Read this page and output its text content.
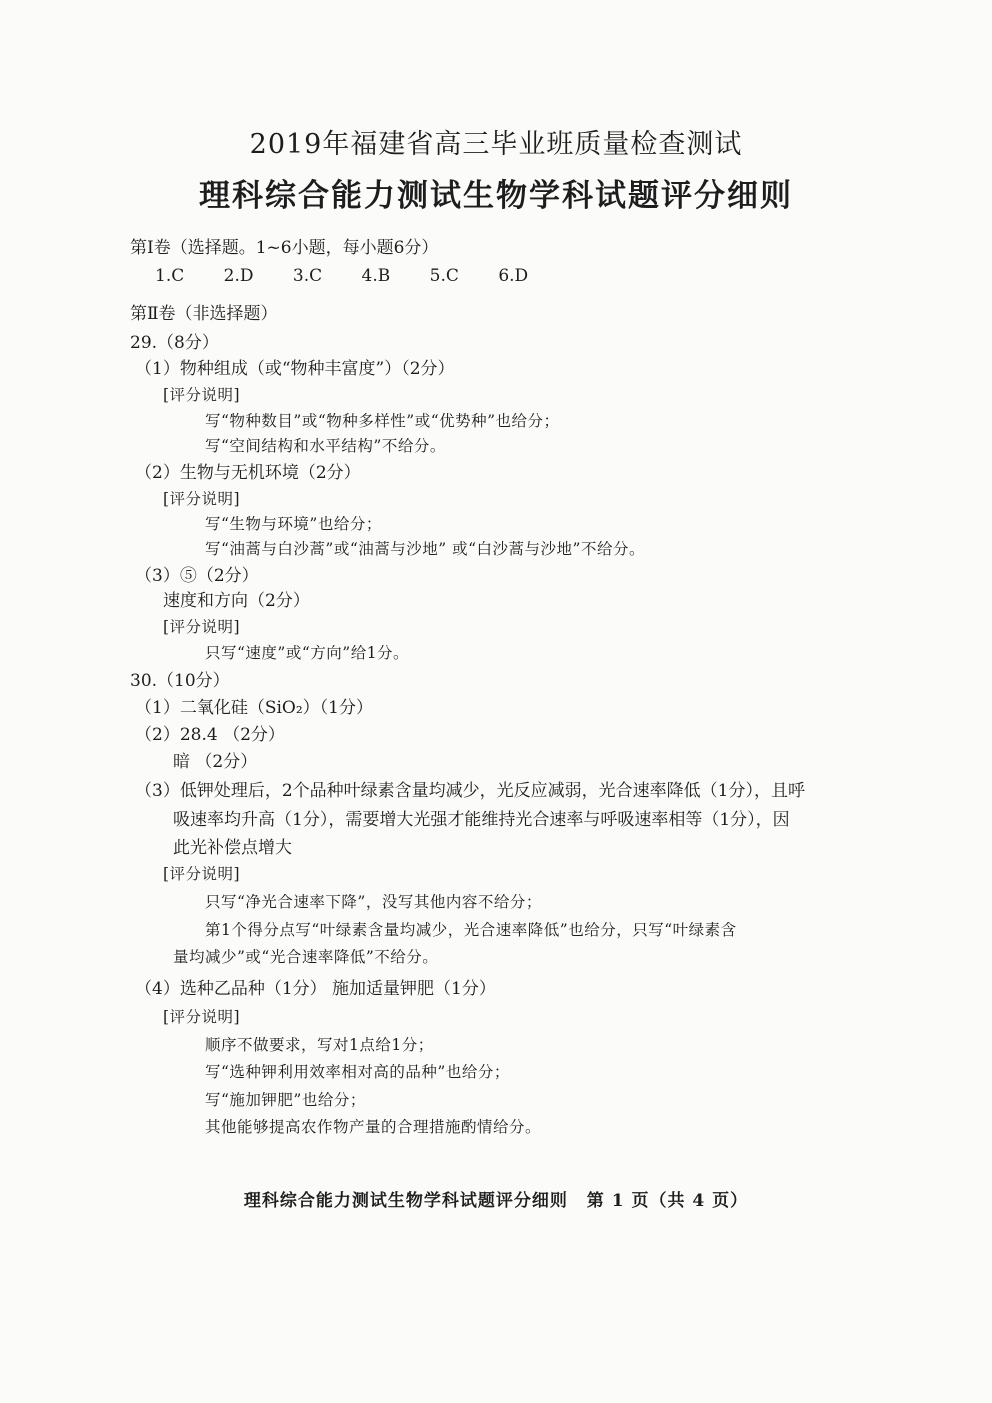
2019年福建省高三毕业班质量检查测试
理科综合能力测试生物学科试题评分细则
第Ⅰ卷（选择题。1~6小题，每小题6分）
1.C 2.D 3.C 4.B 5.C 6.D
第Ⅱ卷（非选择题）
29.（8分）
（1）物种组成（或“物种丰富度”）（2分）
[评分说明]
写“物种数目”或“物种多样性”或“优势种”也给分；
写“空间结构和水平结构”不给分。
（2）生物与无机环境（2分）
[评分说明]
写“生物与环境”也给分；
写“油蒿与白沙蒿”或“油蒿与沙地” 或“白沙蒿与沙地”不给分。
（3）⑤（2分）
速度和方向（2分）
[评分说明]
只写“速度”或“方向”给1分。
30.（10分）
（1）二氧化硅（SiO₂）（1分）
（2）28.4 （2分）
暗 （2分）
（3）低钾处理后，2个品种叶绿素含量均减少，光反应减弱，光合速率降低（1分），且呼
吸速率均升高（1分），需要增大光强才能维持光合速率与呼吸速率相等（1分），因
此光补偿点增大
[评分说明]
只写“净光合速率下降”，没写其他内容不给分；
第1个得分点写“叶绿素含量均减少，光合速率降低”也给分，只写“叶绿素含
量均减少”或“光合速率降低”不给分。
（4）选种乙品种（1分） 施加适量钾肥（1分）
[评分说明]
顺序不做要求，写对1点给1分；
写“选种钾利用效率相对高的品种”也给分；
写“施加钾肥”也给分；
其他能够提高农作物产量的合理措施酌情给分。
理科综合能力测试生物学科试题评分细则 第 1 页（共 4 页）
